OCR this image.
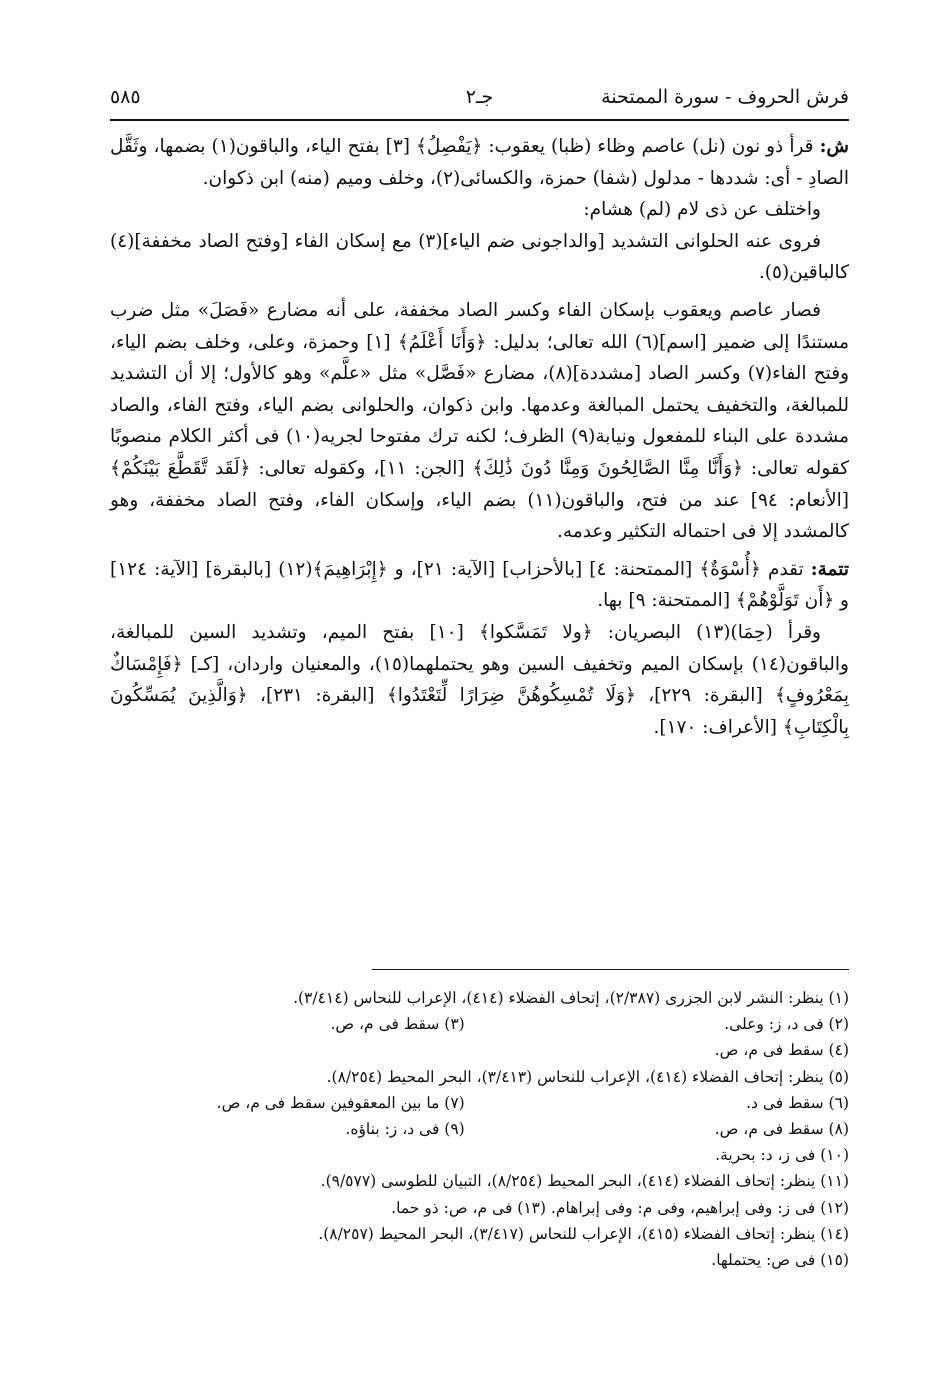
فرش الحروف - سورة الممتحنة
جـ٢
٥٨٥

ش: قرأ ذو نون (نل) عاصم وظاء (ظبا) يعقوب: ﴿يَفْصِلُ﴾ [٣] بفتح الياء، والباقون(١) بضمها، وثَقَّل الصادِ - أى: شددها - مدلول (شفا) حمزة، والكسائى(٢)، وخلف وميم (منه) ابن ذكوان.

واختلف عن ذى لام (لم) هشام:

فروى عنه الحلوانى التشديد [والداجونى ضم الياء](٣) مع إسكان الفاء [وفتح الصاد مخففة](٤) كالباقين(٥).

فصار عاصم ويعقوب بإسكان الفاء وكسر الصاد مخففة، على أنه مضارع «فَصَلَ» مثل ضرب مستندًا إلى ضمير [اسم](٦) الله تعالى؛ بدليل: ﴿وَأَنَا أَعْلَمُ﴾ [١] وحمزة، وعلى، وخلف بضم الياء، وفتح الفاء(٧) وكسر الصاد [مشددة](٨)، مضارع «فَصَّل» مثل «علَّم» وهو كالأول؛ إلا أن التشديد للمبالغة، والتخفيف يحتمل المبالغة وعدمها. وابن ذكوان، والحلوانى بضم الياء، وفتح الفاء، والصاد مشددة على البناء للمفعول ونيابة(٩) الظرف؛ لكنه ترك مفتوحا لجريه(١٠) فى أكثر الكلام منصوبًا كقوله تعالى: ﴿وَأَنَّا مِنَّا الصَّالِحُونَ وَمِنَّا دُونَ ذَٰلِكَ﴾ [الجن: ١١]، وكقوله تعالى: ﴿لَقَد تَّقَطَّعَ بَيْنَكُمْ﴾ [الأنعام: ٩٤] عند من فتح، والباقون(١١) بضم الياء، وإسكان الفاء، وفتح الصاد مخففة، وهو كالمشدد إلا فى احتماله التكثير وعدمه.

تتمة: تقدم ﴿أُسْوَةٌ﴾ [الممتحنة: ٤] [بالأحزاب] [الآية: ٢١]، و ﴿إِبْرَاهِيمَ﴾(١٢) [بالبقرة] [الآية: ١٢٤] و ﴿أَن تَوَلَّوْهُمْ﴾ [الممتحنة: ٩] بها.

وقرأ (حِمَا)(١٣) البصريان: ﴿ولا تَمَسَّكوا﴾ [١٠] بفتح الميم، وتشديد السين للمبالغة، والباقون(١٤) بإسكان الميم وتخفيف السين وهو يحتملهما(١٥)، والمعنيان واردان، [كـ] ﴿فَإِمْسَاكٌ بِمَعْرُوفٍ﴾ [البقرة: ٢٢٩]، ﴿وَلَا تُمْسِكُوهُنَّ ضِرَارًا لِّتَعْتَدُوا﴾ [البقرة: ٢٣١]، ﴿وَالَّذِينَ يُمَسِّكُونَ بِالْكِتَابِ﴾ [الأعراف: ١٧٠].

(١) ينظر: النشر لابن الجزرى (٢/٣٨٧)، إتحاف الفضلاء (٤١٤)، الإعراب للنحاس (٣/٤١٤).
(٢) فى د، ز: وعلى.
(٣) سقط فى م، ص.
(٤) سقط فى م، ص.
(٥) ينظر: إتحاف الفضلاء (٤١٤)، الإعراب للنحاس (٣/٤١٣)، البحر المحيط (٨/٢٥٤).
(٦) سقط فى د.
(٧) ما بين المعقوفين سقط فى م، ص.
(٨) سقط فى م، ص.
(٩) فى د، ز: بناؤه.
(١٠) فى ز، د: بحرية.
(١١) ينظر: إتحاف الفضلاء (٤١٤)، البحر المحيط (٨/٢٥٤)، التبيان للطوسى (٩/٥٧٧).
(١٢) فى ز: وفى إبراهيم، وفى م: وفى إبراهام. (١٣) فى م، ص: ذو حما.
(١٤) ينظر: إتحاف الفضلاء (٤١٥)، الإعراب للنحاس (٣/٤١٧)، البحر المحيط (٨/٢٥٧).
(١٥) فى ص: يحتملها.
